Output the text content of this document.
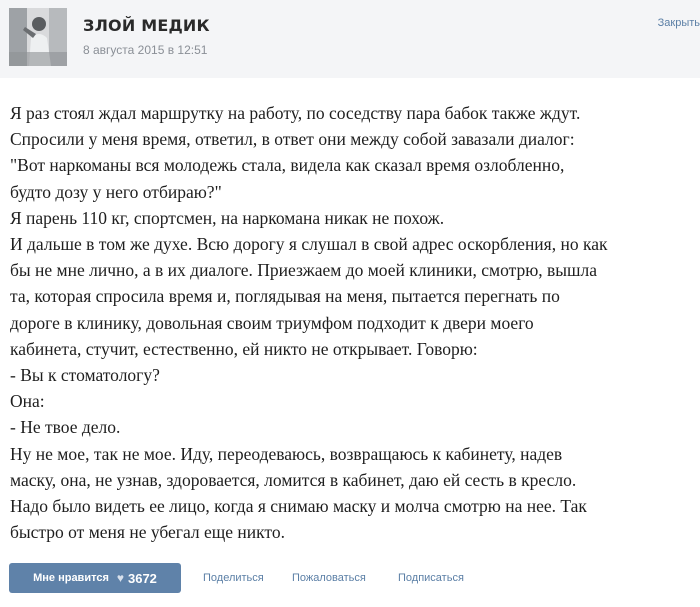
ЗЛОЙ МЕДИК
8 августа 2015 в 12:51
Закрыть
Я раз стоял ждал маршрутку на работу, по соседству пара бабок также ждут.
Спросили у меня время, ответил, в ответ они между собой завазали диалог:
"Вот наркоманы вся молодежь стала, видела как сказал время озлобленно,
будто дозу у него отбираю?"
Я парень 110 кг, спортсмен, на наркомана никак не похож.
И дальше в том же духе. Всю дорогу я слушал в свой адрес оскорбления, но как
бы не мне лично, а в их диалоге. Приезжаем до моей клиники, смотрю, вышла
та, которая спросила время и, поглядывая на меня, пытается перегнать по
дороге в клинику, довольная своим триумфом подходит к двери моего
кабинета, стучит, естественно, ей никто не открывает. Говорю:
- Вы к стоматологу?
Она:
- Не твое дело.
Ну не мое, так не мое. Иду, переодеваюсь, возвращаюсь к кабинету, надев
маску, она, не узнав, здоровается, ломится в кабинет, даю ей сесть в кресло.
Надо было видеть ее лицо, когда я снимаю маску и молча смотрю на нее. Так
быстро от меня не убегал еще никто.
Мне нравится ♥ 3672	Поделиться	Пожаловаться	Подписаться
